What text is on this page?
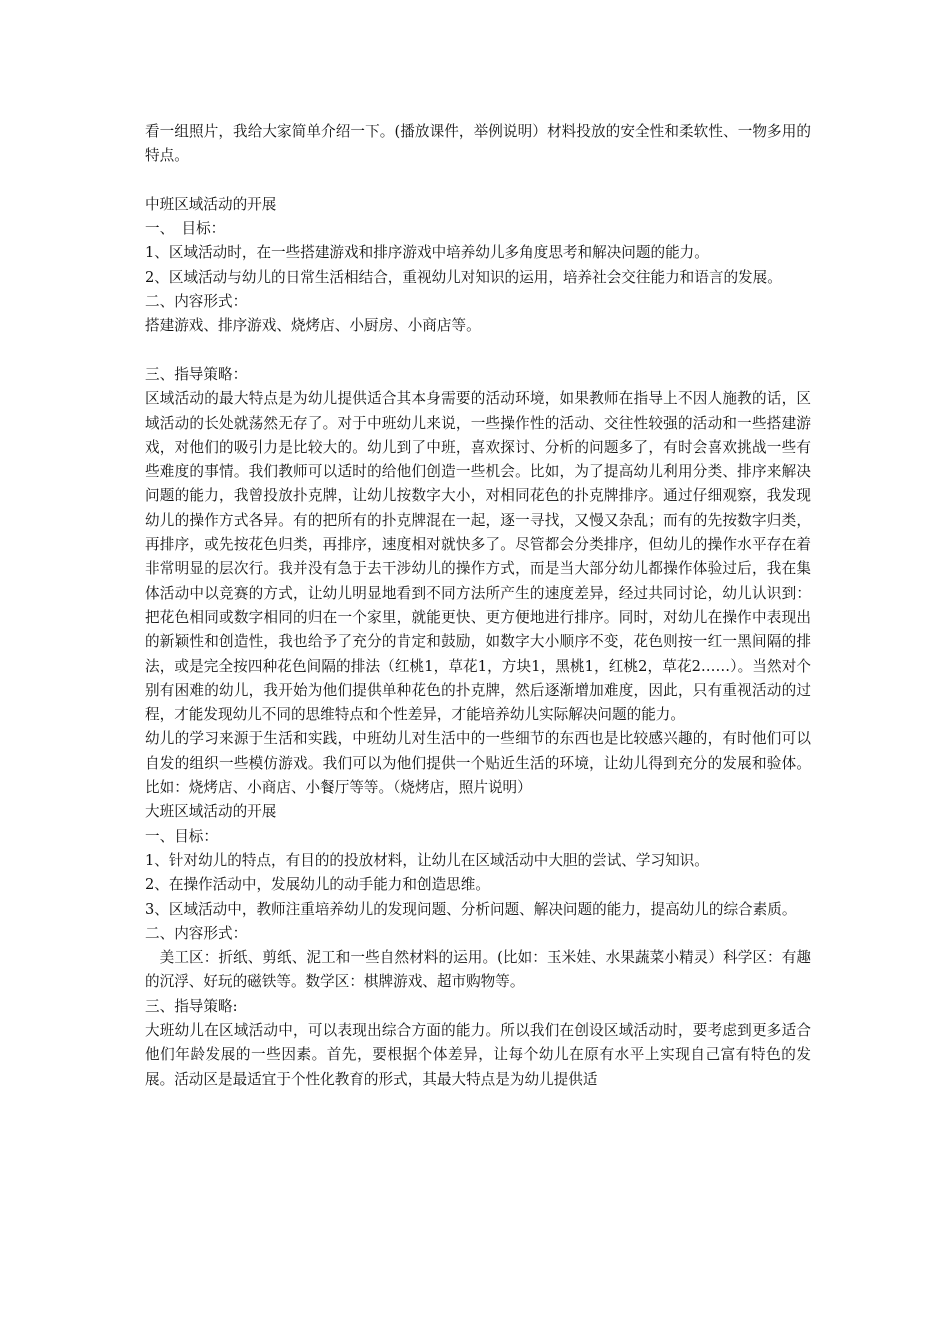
看一组照片，我给大家简单介绍一下。(播放课件，举例说明）材料投放的安全性和柔软性、一物多用的特点。

中班区域活动的开展

一、　目标：

1、区域活动时，在一些搭建游戏和排序游戏中培养幼儿多角度思考和解决问题的能力。

2、区域活动与幼儿的日常生活相结合，重视幼儿对知识的运用，培养社会交往能力和语言的发展。

二、内容形式：

搭建游戏、排序游戏、烧烤店、小厨房、小商店等。

三、指导策略：

区域活动的最大特点是为幼儿提供适合其本身需要的活动环境，如果教师在指导上不因人施教的话，区域活动的长处就荡然无存了。对于中班幼儿来说，一些操作性的活动、交往性较强的活动和一些搭建游戏，对他们的吸引力是比较大的。幼儿到了中班，喜欢探讨、分析的问题多了，有时会喜欢挑战一些有些难度的事情。我们教师可以适时的给他们创造一些机会。比如，为了提高幼儿利用分类、排序来解决问题的能力，我曾投放扑克牌，让幼儿按数字大小，对相同花色的扑克牌排序。通过仔细观察，我发现幼儿的操作方式各异。有的把所有的扑克牌混在一起，逐一寻找，又慢又杂乱；而有的先按数字归类，再排序，或先按花色归类，再排序，速度相对就快多了。尽管都会分类排序，但幼儿的操作水平存在着非常明显的层次行。我并没有急于去干涉幼儿的操作方式，而是当大部分幼儿都操作体验过后，我在集体活动中以竞赛的方式，让幼儿明显地看到不同方法所产生的速度差异，经过共同讨论，幼儿认识到：把花色相同或数字相同的归在一个家里，就能更快、更方便地进行排序。同时，对幼儿在操作中表现出的新颖性和创造性，我也给予了充分的肯定和鼓励，如数字大小顺序不变，花色则按一红一黑间隔的排法，或是完全按四种花色间隔的排法（红桃1，草花1，方块1，黑桃1，红桃2，草花2……）。当然对个别有困难的幼儿，我开始为他们提供单种花色的扑克牌，然后逐渐增加难度，因此，只有重视活动的过程，才能发现幼儿不同的思维特点和个性差异，才能培养幼儿实际解决问题的能力。

幼儿的学习来源于生活和实践，中班幼儿对生活中的一些细节的东西也是比较感兴趣的，有时他们可以自发的组织一些模仿游戏。我们可以为他们提供一个贴近生活的环境，让幼儿得到充分的发展和验体。比如：烧烤店、小商店、小餐厅等等。（烧烤店，照片说明）

大班区域活动的开展

一、目标：

1、针对幼儿的特点，有目的的投放材料，让幼儿在区域活动中大胆的尝试、学习知识。

2、在操作活动中，发展幼儿的动手能力和创造思维。

3、区域活动中，教师注重培养幼儿的发现问题、分析问题、解决问题的能力，提高幼儿的综合素质。

二、内容形式：

　美工区：折纸、剪纸、泥工和一些自然材料的运用。(比如：玉米娃、水果蔬菜小精灵）科学区：有趣的沉浮、好玩的磁铁等。数学区：棋牌游戏、超市购物等。

三、指导策略:

大班幼儿在区域活动中，可以表现出综合方面的能力。所以我们在创设区域活动时，要考虑到更多适合他们年龄发展的一些因素。首先，要根据个体差异，让每个幼儿在原有水平上实现自己富有特色的发展。活动区是最适宜于个性化教育的形式，其最大特点是为幼儿提供适
